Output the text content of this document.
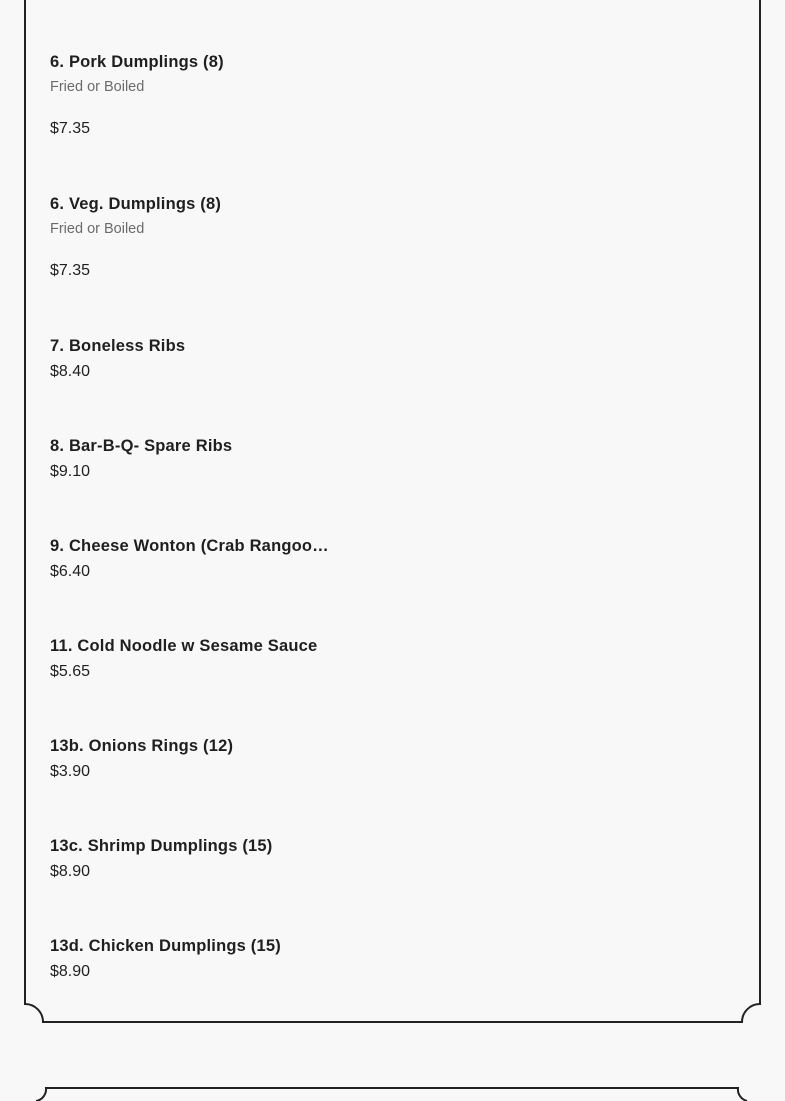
6. Pork Dumplings (8)
Fried or Boiled
$7.35
6. Veg. Dumplings (8)
Fried or Boiled
$7.35
7. Boneless Ribs
$8.40
8. Bar-B-Q- Spare Ribs
$9.10
9. Cheese Wonton (Crab Rangoo…
$6.40
11. Cold Noodle w Sesame Sauce
$5.65
13b. Onions Rings (12)
$3.90
13c. Shrimp Dumplings (15)
$8.90
13d. Chicken Dumplings (15)
$8.90
